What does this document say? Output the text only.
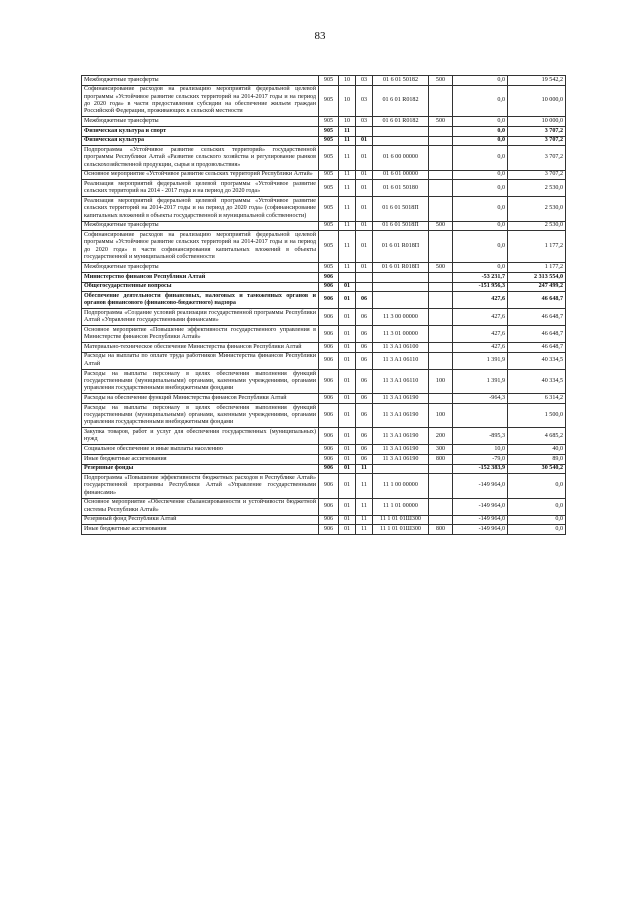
83
Межбюджетные трансферты	905	10	03	01 6 01 50182	500	0,0	19 542,2
Софинансирование расходов на реализацию мероприятий федеральной целевой программы «Устойчивое развитие сельских территорий на 2014-2017 годы и на период до 2020 года» в части предоставления субсидии на обеспечение жильем граждан Российской Федерации, проживающих в сельской местности	905	10	03	01 6 01 R0182		0,0	10 000,0
Межбюджетные трансферты	905	10	03	01 6 01 R0182	500	0,0	10 000,0
Физическая культура и спорт	905	11				0,0	3 707,2
Физическая культура	905	11	01			0,0	3 707,2
Подпрограмма «Устойчивое развитие сельских территорий» государственной программы Республики Алтай «Развитие сельского хозяйства и регулирование рынков сельскохозяйственной продукции, сырья и продовольствия»	905	11	01	01 6 00 00000		0,0	3 707,2
Основное мероприятие «Устойчивое развитие сельских территорий Республики Алтай»	905	11	01	01 6 01 00000		0,0	3 707,2
Реализация мероприятий федеральной целевой программы «Устойчивое развитие сельских территорий на 2014 - 2017 годы и на период до 2020 года»	905	11	01	01 6 01 50180		0,0	2 530,0
Реализация мероприятий федеральной целевой программы «Устойчивое развитие сельских территорий на 2014-2017 годы и на период до 2020 года» (софинансирование капитальных вложений в объекты государственной и муниципальной собственности)	905	11	01	01 6 01 5018П		0,0	2 530,0
Межбюджетные трансферты	905	11	01	01 6 01 5018П	500	0,0	2 530,0
Софинансирование расходов на реализацию мероприятий федеральной целевой программы «Устойчивое развитие сельских территорий на 2014-2017 годы и на период до 2020 года» в части софинансирования капитальных вложений в объекты государственной и муниципальной собственности	905	11	01	01 6 01 R018П		0,0	1 177,2
Межбюджетные трансферты	905	11	01	01 6 01 R018П	500	0,0	1 177,2
Министерство финансов Республики Алтай	906					-53 231,7	2 313 554,0
Общегосударственные вопросы	906	01				-151 956,3	247 499,2
Обеспечение деятельности финансовых, налоговых и таможенных органов и органов финансового (финансово-бюджетного) надзора	906	01	06			427,6	46 648,7
Подпрограмма «Создание условий реализации государственной программы Республики Алтай «Управление государственными финансами»	906	01	06	11 3 00 00000		427,6	46 648,7
Основное мероприятие «Повышение эффективности государственного управления в Министерстве финансов Республики Алтай»	906	01	06	11 3 01 00000		427,6	46 648,7
Материально-техническое обеспечение Министерства финансов Республики Алтай	906	01	06	11 3 A1 06100		427,6	46 648,7
Расходы на выплаты по оплате труда работников Министерства финансов Республики Алтай	906	01	06	11 3 A1 06110		1 391,9	40 334,5
Расходы на выплаты персоналу в целях обеспечения выполнения функций государственными (муниципальными) органами, казенными учреждениями, органами управления государственными внебюджетными фондами	906	01	06	11 3 A1 06110	100	1 391,9	40 334,5
Расходы на обеспечение функций Министерства финансов Республики Алтай	906	01	06	11 3 A1 06190		-964,3	6 314,2
Расходы на выплаты персоналу в целях обеспечения выполнения функций государственными (муниципальными) органами, казенными учреждениями, органами управления государственными внебюджетными фондами	906	01	06	11 3 A1 06190	100		1 500,0
Закупка товаров, работ и услуг для обеспечения государственных (муниципальных) нужд	906	01	06	11 3 A1 06190	200	-895,3	4 685,2
Социальное обеспечение и иные выплаты населению	906	01	06	11 3 A1 06190	300	10,0	40,0
Иные бюджетные ассигнования	906	01	06	11 3 A1 06190	800	-79,0	89,0
Резервные фонды	906	01	11			-152 383,9	30 540,2
Подпрограмма «Повышение эффективности бюджетных расходов в Республике Алтай» государственной программы Республики Алтай «Управление государственными финансами»	906	01	11	11 1 00 00000		-149 964,0	0,0
Основное мероприятие «Обеспечение сбалансированности и устойчивости бюджетной системы Республики Алтай»	906	01	11	11 1 01 00000		-149 964,0	0,0
Резервный фонд Республики Алтай	906	01	11	11 1 01 01Ш300		-149 964,0	0,0
Иные бюджетные ассигнования	906	01	11	11 1 01 01Ш300	800	-149 964,0	0,0
